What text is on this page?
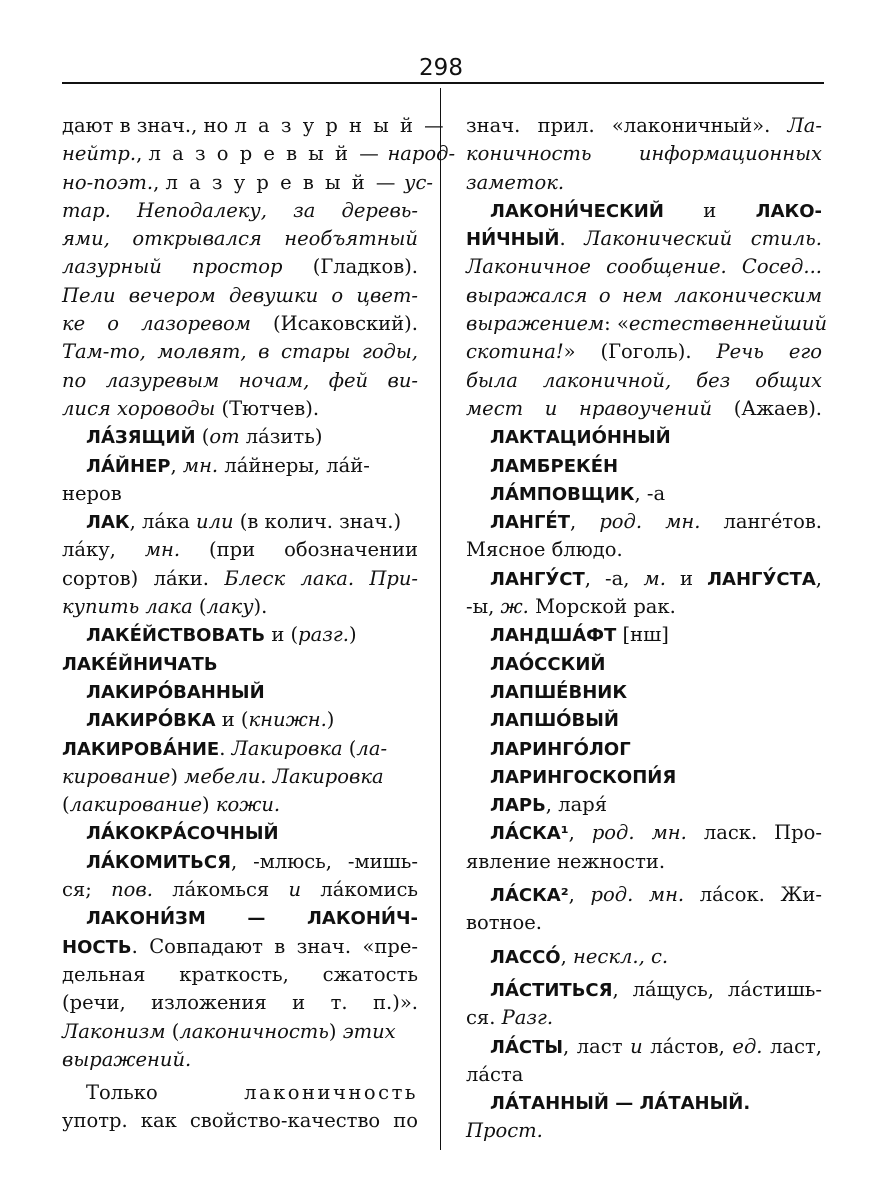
298
дают в знач., но л а з у р н ы й —
нейтр., л а з о р е в ы й — народ-
но-поэт., л а з у р е в ы й — ус-
тар. Неподалеку, за деревь-
ями, открывался необъятный
лазурный простор (Гладков).
Пели вечером девушки о цвет-
ке о лазоревом (Исаковский).
Там-то, молвят, в стары годы,
по лазуревым ночам, фей ви-
лися хороводы (Тютчев).
ЛА́ЗЯЩИЙ (от ла́зить)
ЛА́ЙНЕР, мн. ла́йнеры, ла́й-
неров
ЛАК, ла́ка или (в колич. знач.)
ла́ку, мн. (при обозначении
сортов) ла́ки. Блеск лака. При-
купить лака (лаку).
ЛАКЕ́ЙСТВОВАТЬ и (разг.)
ЛАКЕ́ЙНИЧАТЬ
ЛАКИРО́ВАННЫЙ
ЛАКИРО́ВКА и (книжн.)
ЛАКИРОВА́НИЕ. Лакировка (ла-
кирование) мебели. Лакировка
(лакирование) кожи.
ЛА́КОКРА́СОЧНЫЙ
ЛА́КОМИТЬСЯ, -млюсь, -мишь-
ся; пов. ла́комься и ла́комись
ЛАКОНИ́ЗМ — ЛАКОНИ́Ч-
НОСТЬ. Совпадают в знач. «пре-
дельная краткость, сжатость
(речи, изложения и т. п.)».
Лаконизм (лаконичность) этих
выражений.
Только лаконичность
употр. как свойство-качество по
знач. прил. «лаконичный». Ла-
коничность информационных
заметок.
ЛАКОНИ́ЧЕСКИЙ и ЛАКО-
НИ́ЧНЫЙ. Лаконический стиль.
Лаконичное сообщение. Сосед...
выражался о нем лаконическим
выражением: «естественнейший
скотина!» (Гоголь). Речь его
была лаконичной, без общих
мест и нравоучений (Ажаев).
ЛАКТАЦИО́ННЫЙ
ЛАМБРЕКЕ́Н
ЛА́МПОВЩИК, -а
ЛАНГЕ́Т, род. мн. ланге́тов.
Мясное блюдо.
ЛАНГУ́СТ, -а, м. и ЛАНГУ́СТА,
-ы, ж. Морской рак.
ЛАНДША́ФТ [нш]
ЛАО́ССКИЙ
ЛАПШЕ́ВНИК
ЛАПШО́ВЫЙ
ЛАРИНГО́ЛОГ
ЛАРИНГОСКОПИ́Я
ЛАРЬ, ларя́
ЛА́СКА¹, род. мн. ласк. Про-
явление нежности.
ЛА́СКА², род. мн. ла́сок. Жи-
вотное.
ЛАССО́, нескл., с.
ЛА́СТИТЬСЯ, ла́щусь, ла́стишь-
ся. Разг.
ЛА́СТЫ, ласт и ла́стов, ед. ласт,
ла́ста
ЛА́ТАННЫЙ — ЛА́ТАНЫЙ.
Прост.
